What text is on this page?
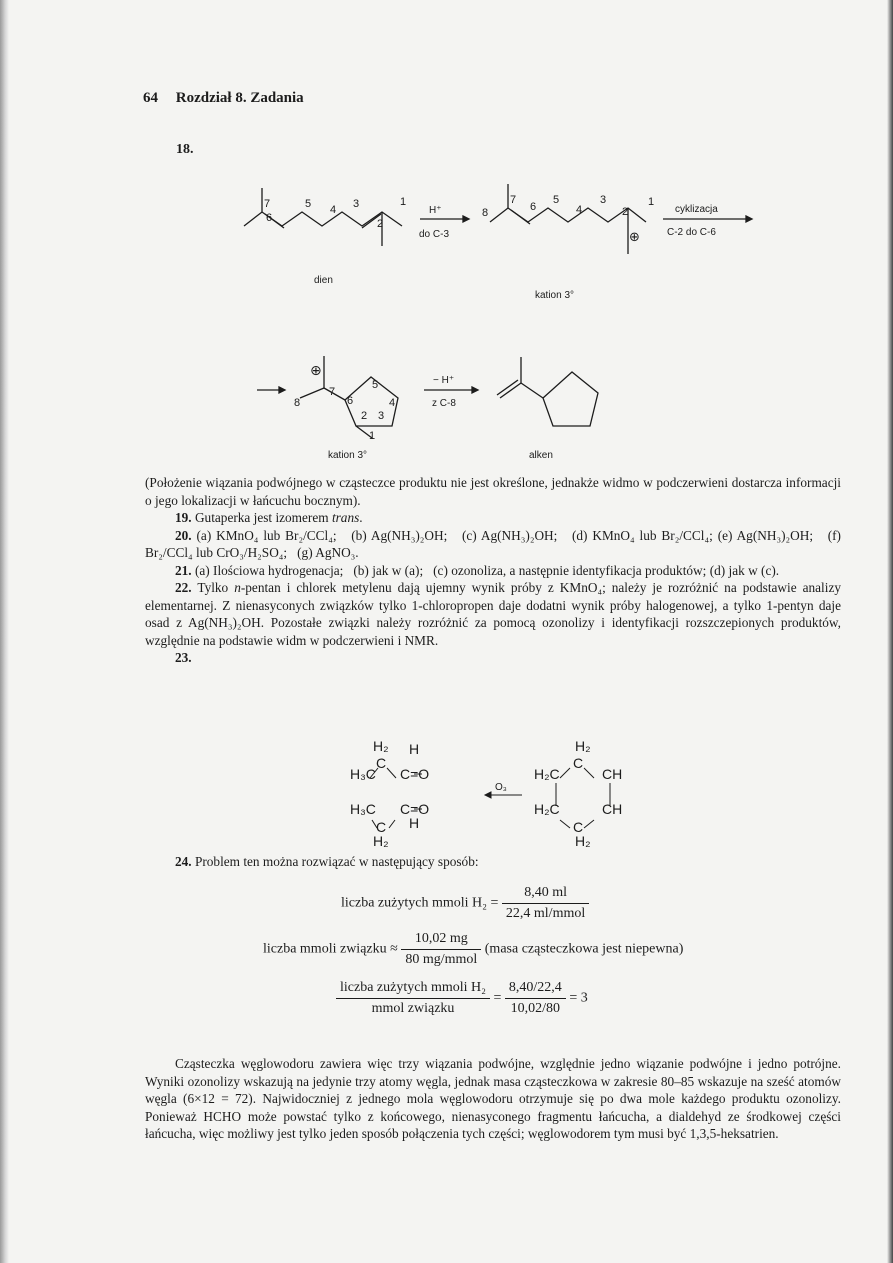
64 Rozdział 8. Zadania
18.
7
6
5 4 3
2
1
H⁺
do C-3
8
7
6
5
4
3
2
1
⊕
cyklizacja
C-2 do C-6
dien
kation 3°
⊕
7
8
5
4
6
2 3
1
− H⁺
z C-8
kation 3°	alken

(Położenie wiązania podwójnego w cząsteczce produktu nie jest określone, jednakże widmo w podczerwieni dostarcza informacji o jego lokalizacji w łańcuchu bocznym).

19. Gutaperka jest izomerem trans.

20. (a) KMnO₄ lub Br₂/CCl₄; (b) Ag(NH₃)₂OH; (c) Ag(NH₃)₂OH; (d) KMnO₄ lub Br₂/CCl₄; (e) Ag(NH₃)₂OH; (f) Br₂/CCl₄ lub CrO₃/H₂SO₄; (g) AgNO₃.

21. (a) Ilościowa hydrogenacja; (b) jak w (a); (c) ozonoliza, a następnie identyfikacja produktów; (d) jak w (c).

22. Tylko n-pentan i chlorek metylenu dają ujemny wynik próby z KMnO₄; należy je rozróżnić na podstawie analizy elementarnej. Z nienasyconych związków tylko 1-chloropropen daje dodatni wynik próby halogenowej, a tylko 1-pentyn daje osad z Ag(NH₃)₂OH. Pozostałe związki należy rozróżnić za pomocą ozonolizy i identyfikacji rozszczepionych produktów, względnie na podstawie widm w podczerwieni i NMR.

23.

H₂ H
C
H₃C C=O
H₃C C=O
C H
H₂
O₃
H₂
C
H₂C	CH
H₂C	CH
C
H₂

24. Problem ten można rozwiązać w następujący sposób:

liczba zużytych mmoli $H_2 = \frac{8,40 ml}{\text{22,4 ml/mmol}}$
liczba mmoli związku ≈ $\frac{10,02 mg}{\text{80 mg/mmol}}$ (masa cząsteczkowa jest niepewna)
$\frac{\text{liczba zużytych mmoli H₂}}{\text{mmol związku}} = \frac{8,40/22,4}{10,02/80} = 3$

Cząsteczka węglowodoru zawiera więc trzy wiązania podwójne, względnie jedno wiązanie podwójne i jedno potrójne. Wyniki ozonolizy wskazują na jedynie trzy atomy węgla, jednak masa cząsteczkowa w zakresie 80–85 wskazuje na sześć atomów węgla (6×12 = 72). Najwidoczniej z jednego mola węglowodoru otrzymuje się po dwa mole każdego produktu ozonolizy. Ponieważ HCHO może powstać tylko z końcowego, nienasyconego fragmentu łańcucha, a dialdehyd ze środkowej części łańcucha, więc możliwy jest tylko jeden sposób połączenia tych części; węglowodorem tym musi być 1,3,5-heksatrien.
